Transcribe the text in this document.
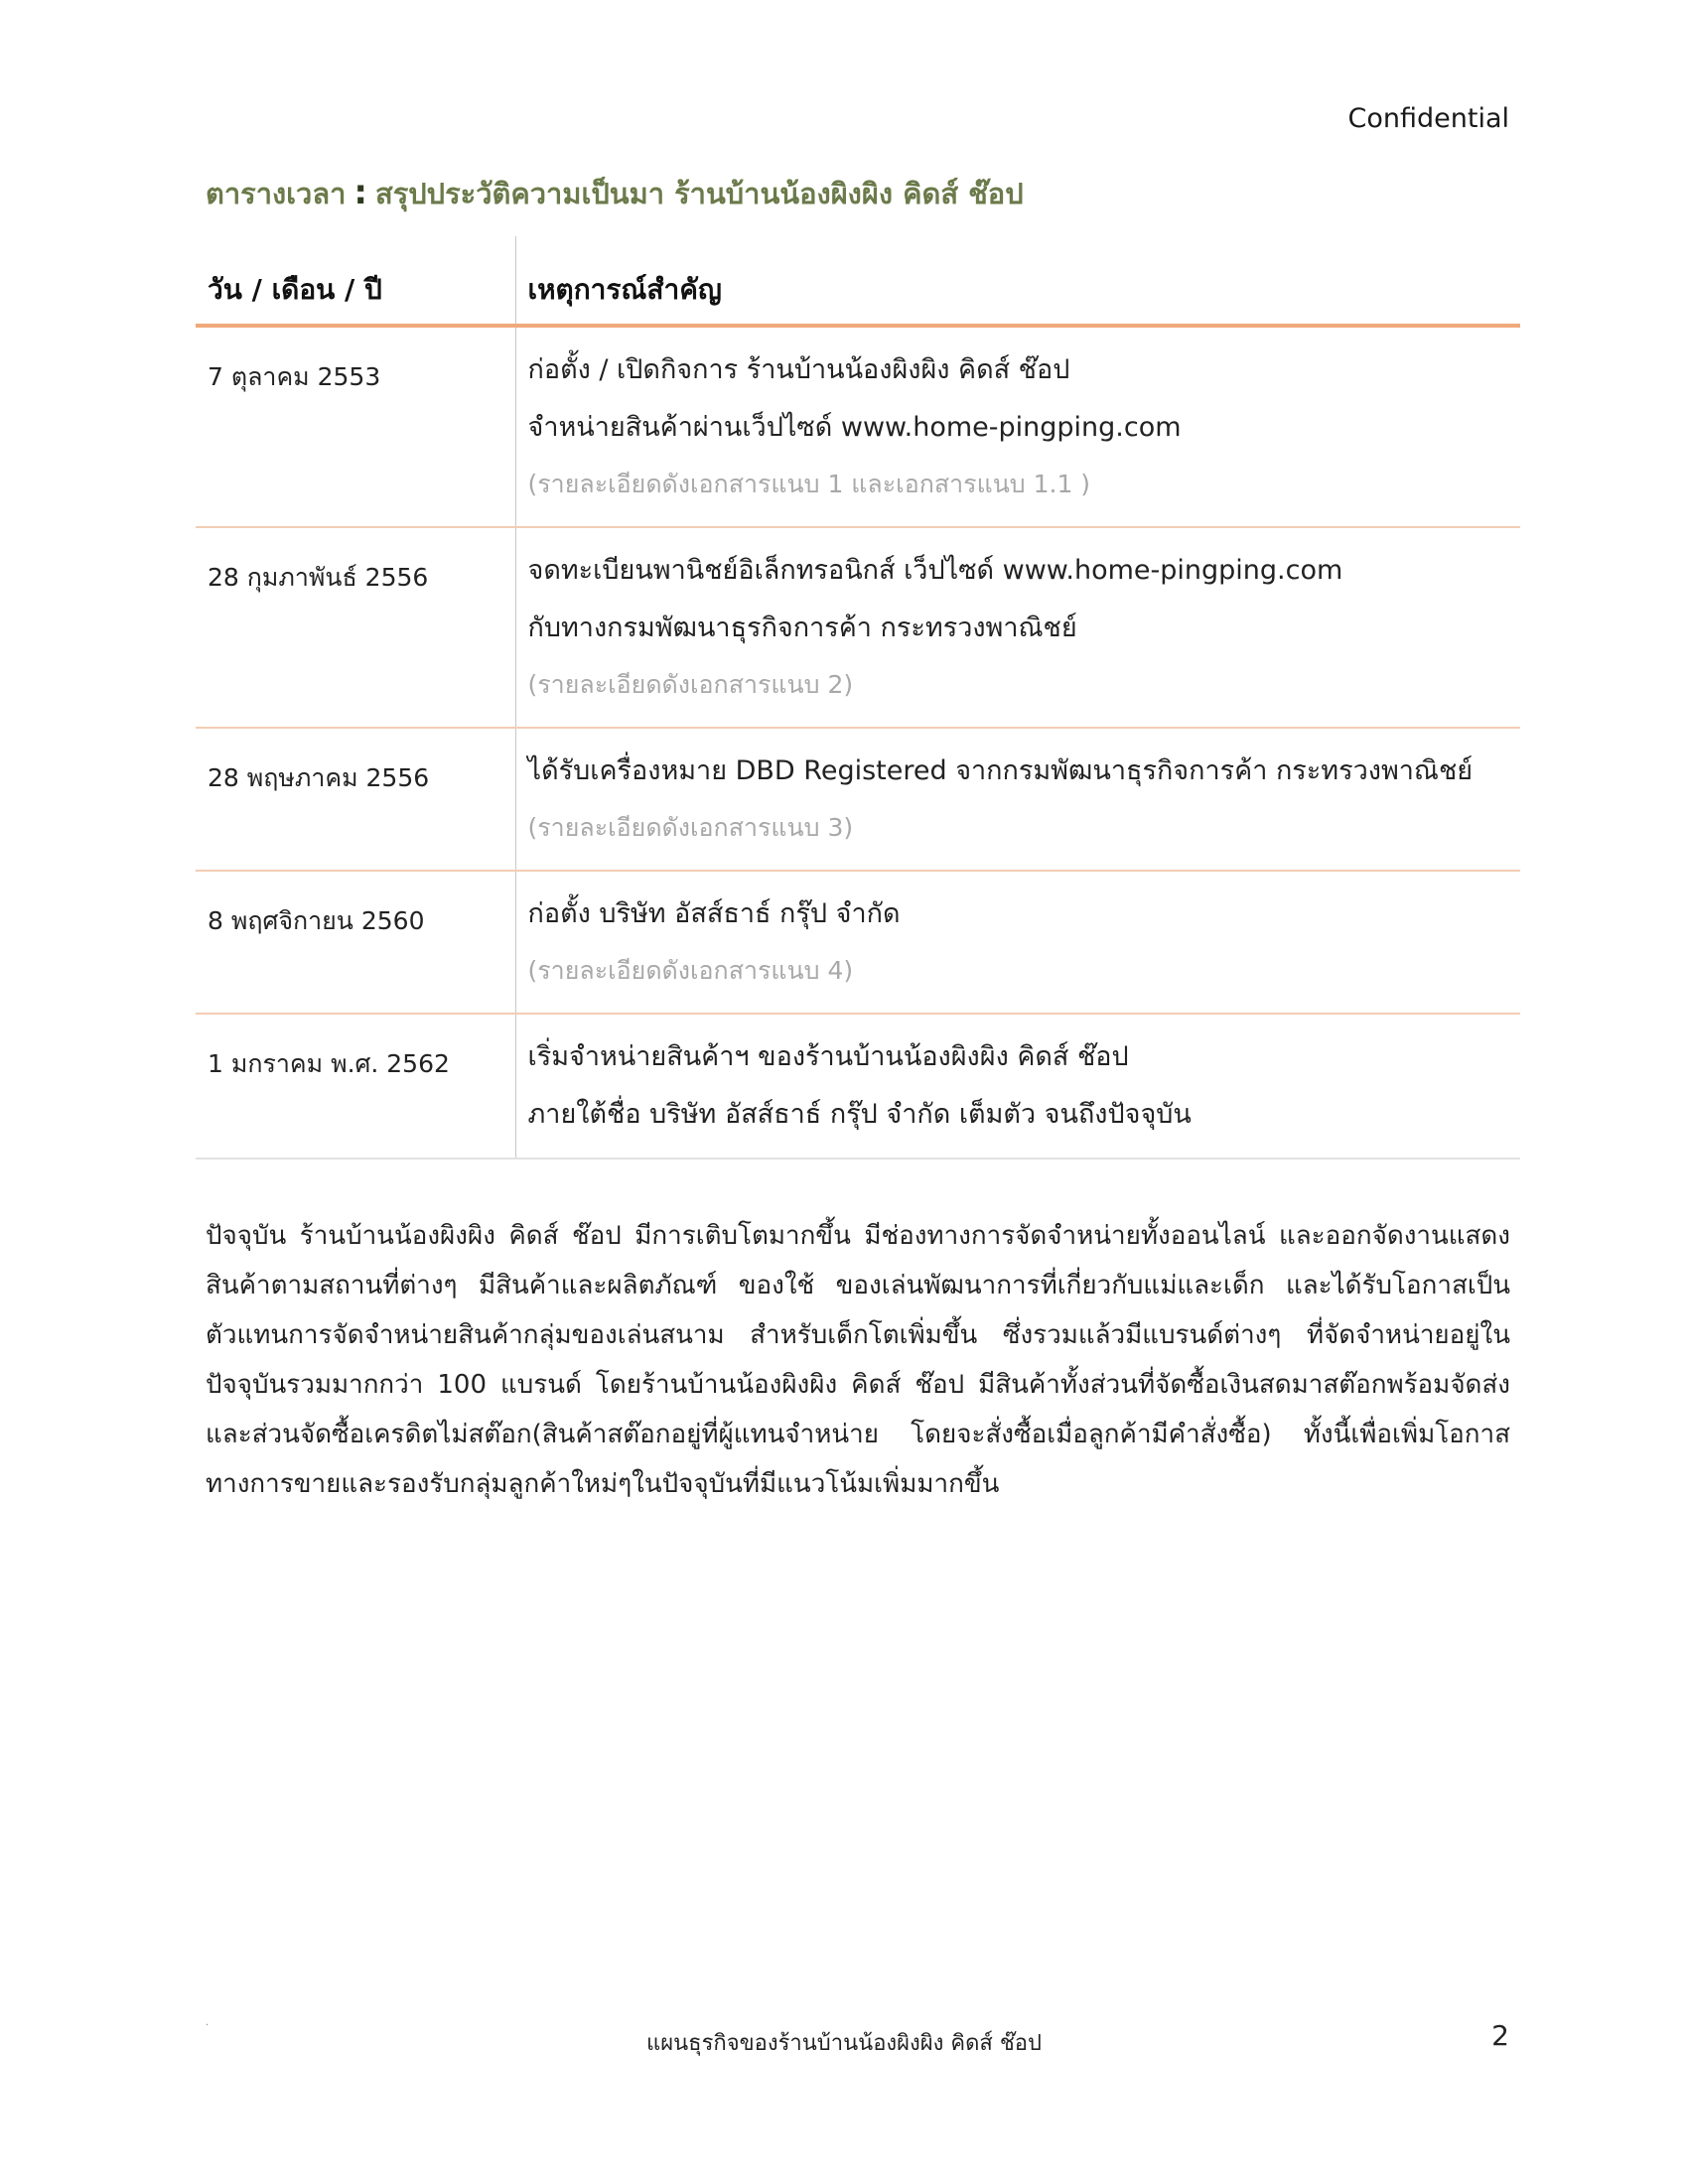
Confidential
ตารางเวลา : สรุปประวัติความเป็นมา ร้านบ้านน้องผิงผิง คิดส์ ช๊อป
วัน / เดือน / ปี	เหตุการณ์สำคัญ
7 ตุลาคม 2553	ก่อตั้ง / เปิดกิจการ ร้านบ้านน้องผิงผิง คิดส์ ช๊อป
จำหน่ายสินค้าผ่านเว็ปไซด์ www.home-pingping.com
(รายละเอียดดังเอกสารแนบ 1 และเอกสารแนบ 1.1 )

28 กุมภาพันธ์ 2556	จดทะเบียนพานิชย์อิเล็กทรอนิกส์ เว็ปไซด์ www.home-pingping.com
กับทางกรมพัฒนาธุรกิจการค้า กระทรวงพาณิชย์
(รายละเอียดดังเอกสารแนบ 2)

28 พฤษภาคม 2556	ได้รับเครื่องหมาย DBD Registered จากกรมพัฒนาธุรกิจการค้า กระทรวงพาณิชย์
(รายละเอียดดังเอกสารแนบ 3)

8 พฤศจิกายน 2560	ก่อตั้ง บริษัท อัสส์ธาธ์ กรุ๊ป จำกัด
(รายละเอียดดังเอกสารแนบ 4)

1 มกราคม พ.ศ. 2562	เริ่มจำหน่ายสินค้าฯ ของร้านบ้านน้องผิงผิง คิดส์ ช๊อป
ภายใต้ชื่อ บริษัท อัสส์ธาธ์ กรุ๊ป จำกัด เต็มตัว จนถึงปัจจุบัน
ปัจจุบัน ร้านบ้านน้องผิงผิง คิดส์ ช๊อป มีการเติบโตมากขึ้น มีช่องทางการจัดจำหน่ายทั้งออนไลน์ และออกจัดงานแสดงสินค้าตามสถานที่ต่างๆ มีสินค้าและผลิตภัณฑ์ ของใช้ ของเล่นพัฒนาการที่เกี่ยวกับแม่และเด็ก และได้รับโอกาสเป็นตัวแทนการจัดจำหน่ายสินค้ากลุ่มของเล่นสนาม สำหรับเด็กโตเพิ่มขึ้น ซึ่งรวมแล้วมีแบรนด์ต่างๆ ที่จัดจำหน่ายอยู่ในปัจจุบันรวมมากกว่า 100 แบรนด์ โดยร้านบ้านน้องผิงผิง คิดส์ ช๊อป มีสินค้าทั้งส่วนที่จัดซื้อเงินสดมาสต๊อกพร้อมจัดส่ง และส่วนจัดซื้อเครดิตไม่สต๊อก(สินค้าสต๊อกอยู่ที่ผู้แทนจำหน่าย โดยจะสั่งซื้อเมื่อลูกค้ามีคำสั่งซื้อ) ทั้งนี้เพื่อเพิ่มโอกาสทางการขายและรองรับกลุ่มลูกค้าใหม่ๆในปัจจุบันที่มีแนวโน้มเพิ่มมากขึ้น
.
แผนธุรกิจของร้านบ้านน้องผิงผิง คิดส์ ช๊อป	2
